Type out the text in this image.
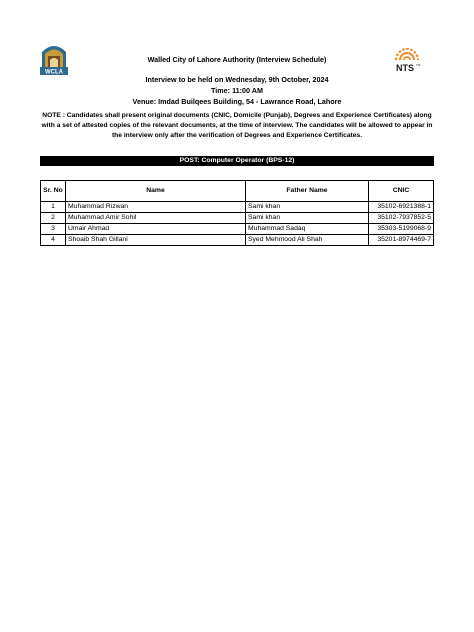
WCLA	NTS TM
Walled City of Lahore Authority (Interview Schedule)
Interview to be held on Wednesday, 9th October, 2024
Time: 11:00 AM
Venue: Imdad Builqees Building, 54 - Lawrance Road, Lahore
NOTE : Candidates shall present original documents (CNIC, Domicile (Punjab), Degrees and Experience Certificates) along with a set of attested copies of the relevant documents, at the time of interview. The candidates will be allowed to appear in the interview only after the verification of Degrees and Experience Certificates.
POST: Computer Operator (BPS-12)
Sr. No	Name	Father Name	CNIC
1	Muhammad Rizwan	Sami khan	35102-6921388-1
2	Muhammad Amir Sohil	Sami khan	35102-7937852-5
3	Umair Ahmad	Muhammad Sadaq	35303-5199068-9
4	Shoaib Shah Gillani	Syed Mehmood Ali Shah	35201-8974469-7
